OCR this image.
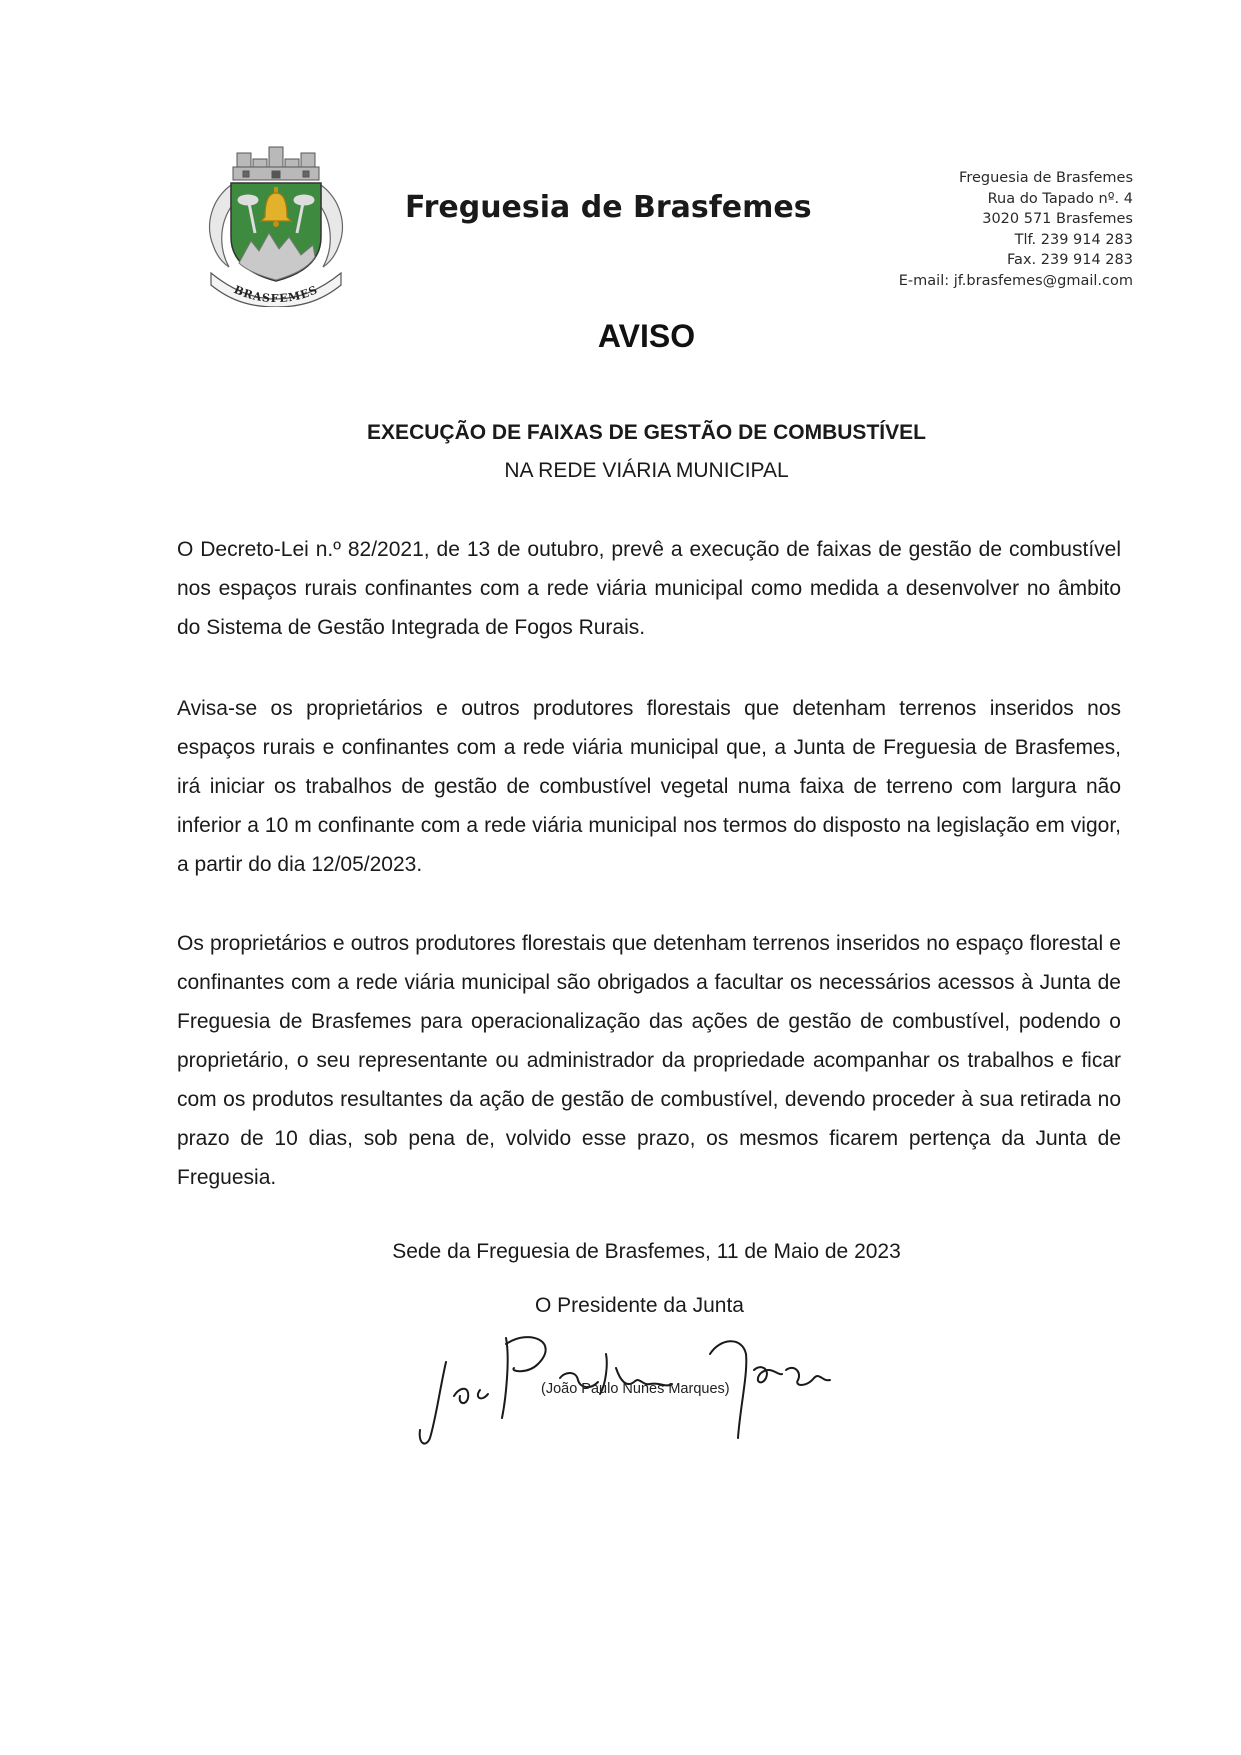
BRASFEMES
Freguesia de Brasfemes
Freguesia de Brasfemes
Rua do Tapado nº. 4
3020 571 Brasfemes
Tlf. 239 914 283
Fax. 239 914 283
E-mail: jf.brasfemes@gmail.com
AVISO
EXECUÇÃO DE FAIXAS DE GESTÃO DE COMBUSTÍVEL
NA REDE VIÁRIA MUNICIPAL

O Decreto-Lei n.º 82/2021, de 13 de outubro, prevê a execução de faixas de gestão de combustível nos espaços rurais confinantes com a rede viária municipal como medida a desenvolver no âmbito do Sistema de Gestão Integrada de Fogos Rurais.

Avisa-se os proprietários e outros produtores florestais que detenham terrenos inseridos nos espaços rurais e confinantes com a rede viária municipal que, a Junta de Freguesia de Brasfemes, irá iniciar os trabalhos de gestão de combustível vegetal numa faixa de terreno com largura não inferior a 10 m confinante com a rede viária municipal nos termos do disposto na legislação em vigor, a partir do dia 12/05/2023.

Os proprietários e outros produtores florestais que detenham terrenos inseridos no espaço florestal e confinantes com a rede viária municipal são obrigados a facultar os necessários acessos à Junta de Freguesia de Brasfemes para operacionalização das ações de gestão de combustível, podendo o proprietário, o seu representante ou administrador da propriedade acompanhar os trabalhos e ficar com os produtos resultantes da ação de gestão de combustível, devendo proceder à sua retirada no prazo de 10 dias, sob pena de, volvido esse prazo, os mesmos ficarem pertença da Junta de Freguesia.

Sede da Freguesia de Brasfemes, 11 de Maio de 2023
O Presidente da Junta
(João Paulo Nunes Marques)
